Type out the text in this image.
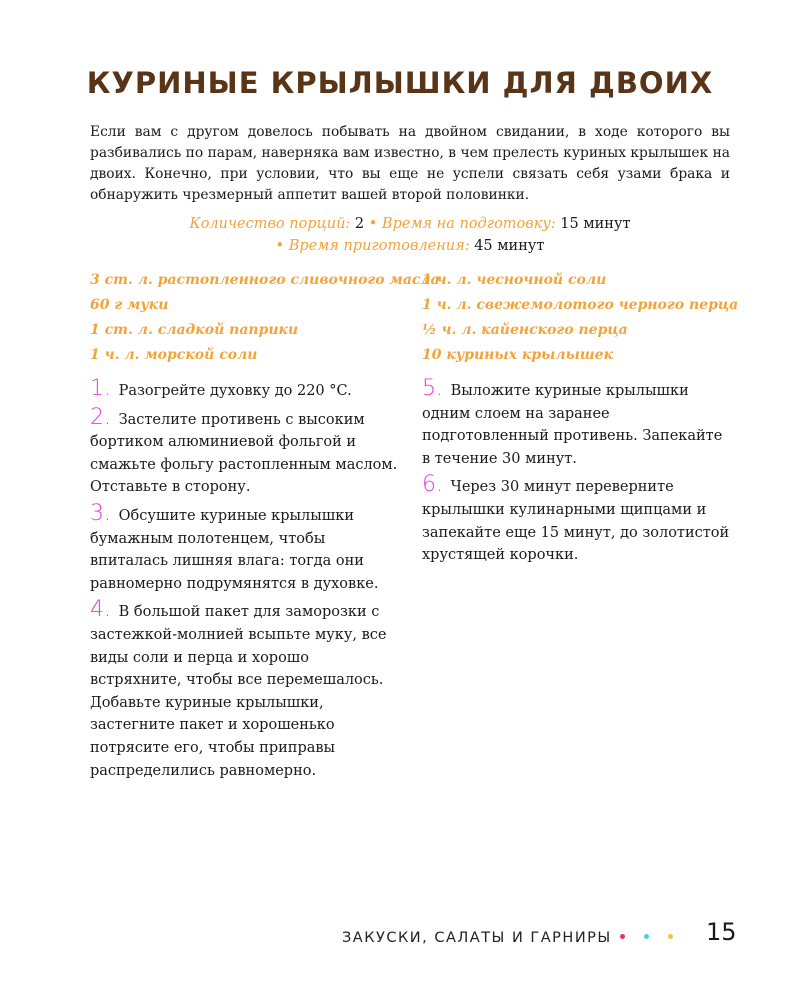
КУРИНЫЕ КРЫЛЫШКИ ДЛЯ ДВОИХ

Если вам с другом довелось побывать на двойном свидании, в ходе которого вы разбивались по парам, наверняка вам известно, в чем прелесть куриных крылышек на двоих. Конечно, при условии, что вы еще не успели связать себя узами брака и обнаружить чрезмерный аппетит вашей второй половинки.

Количество порций: 2 • Время на подготовку: 15 минут
• Время приготовления: 45 минут
3 ст. л. растопленного сливочного масла
60 г муки
1 ст. л. сладкой паприки
1 ч. л. морской соли
1 ч. л. чесночной соли
1 ч. л. свежемолотого черного перца
½ ч. л. кайенского перца
10 куриных крылышек

1. Разогрейте духовку до 220 °C.

2. Застелите противень с высоким бортиком алюминиевой фольгой и смажьте фольгу растопленным маслом. Отставьте в сторону.

3. Обсушите куриные крылышки бумажным полотенцем, чтобы впиталась лишняя влага: тогда они равномерно подрумянятся в духовке.

4. В большой пакет для заморозки с застежкой-молнией всыпьте муку, все виды соли и перца и хорошо встряхните, чтобы все перемешалось. Добавьте куриные крылышки, застегните пакет и хорошенько потрясите его, чтобы приправы распределились равномерно.

5. Выложите куриные крылышки одним слоем на заранее подготовленный противень. Запекайте в течение 30 минут.

6. Через 30 минут переверните крылышки кулинарными щипцами и запекайте еще 15 минут, до золотистой хрустящей корочки.

ЗАКУСКИ, САЛАТЫ И ГАРНИРЫ	15
